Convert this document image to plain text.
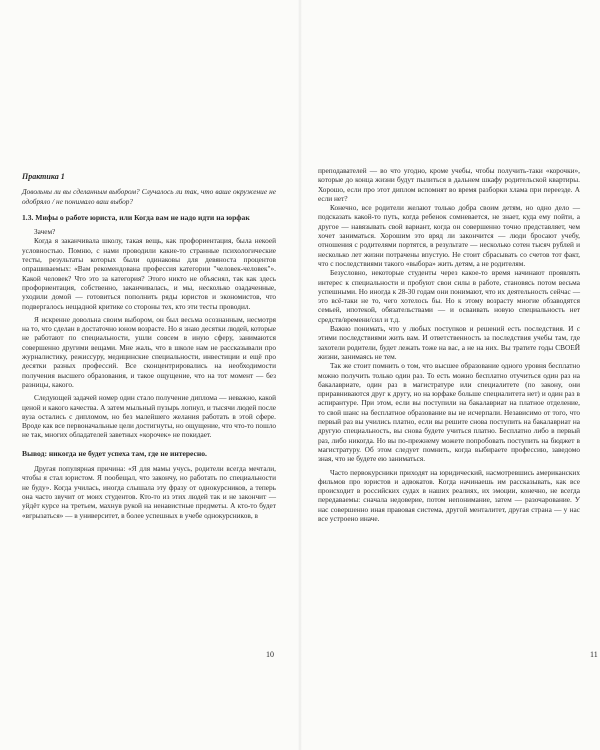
Практика 1

Довольны ли вы сделанным выбором? Случалось ли так, что ваше окружение не одобряло / не понимало ваш выбор?

1.3. Мифы о работе юриста, или Когда вам не надо идти на юрфак

Зачем?

Когда я заканчивала школу, такая вещь, как профориентация, была некоей условностью. Помню, с нами проводили какие-то странные психологические тесты, результаты которых были одинаковы для девяноста процентов опрашиваемых: «Вам рекомендована профессия категории "человек-человек"». Какой человек? Что это за категория? Этого никто не объяснял, так как здесь профориентация, собственно, заканчивалась, и мы, несколько озадаченные, уходили домой — готовиться пополнить ряды юристов и экономистов, что подвергалось нещадной критике со стороны тех, кто эти тесты проводил.

Я искренне довольна своим выбором, он был весьма осознанным, несмотря на то, что сделан в достаточно юном возрасте. Но я знаю десятки людей, которые не работают по специальности, ушли совсем в иную сферу, занимаются совершенно другими вещами. Мне жаль, что в школе нам не рассказывали про журналистику, режиссуру, медицинские специальности, инвестиции и ещё про десятки разных профессий. Все сконцентрировались на необходимости получения высшего образования, и такое ощущение, что на тот момент — без разницы, какого.

Следующей задачей номер один стало получение диплома — неважно, какой ценой и какого качества. А затем мыльный пузырь лопнул, и тысячи людей после вуза остались с дипломом, но без малейшего желания работать в этой сфере. Вроде как все первоначальные цели достигнуты, но ощущение, что что-то пошло не так, многих обладателей заветных «корочек» не покидает.

Вывод: никогда не будет успеха там, где не интересно.

Другая популярная причина: «Я для мамы учусь, родители всегда мечтали, чтобы я стал юристом. Я пообещал, что закончу, но работать по специальности не буду». Когда училась, иногда слышала эту фразу от однокурсников, а теперь она часто звучит от моих студентов. Кто-то из этих людей так и не закончит — уйдёт курсе на третьем, махнув рукой на ненавистные предметы. А кто-то будет «вгрызаться» — в университет, в более успешных в учебе однокурсников, в

10

преподавателей — во что угодно, кроме учебы, чтобы получить-таки «корочки», которые до конца жизни будут пылиться в дальнем шкафу родительской квартиры. Хорошо, если про этот диплом вспомнят во время разборки хлама при переезде. А если нет?

Конечно, все родители желают только добра своим детям, но одно дело — подсказать какой-то путь, когда ребенок сомневается, не знает, куда ему пойти, а другое — навязывать свой вариант, когда он совершенно точно представляет, чем хочет заниматься. Хорошим это вряд ли закончится — люди бросают учебу, отношения с родителями портятся, в результате — несколько сотен тысяч рублей и несколько лет жизни потрачены впустую. Не стоит сбрасывать со счетов тот факт, что с последствиями такого «выбора» жить детям, а не родителям.

Безусловно, некоторые студенты через какое-то время начинают проявлять интерес к специальности и пробуют свои силы в работе, становясь потом весьма успешными. Но иногда к 28-30 годам они понимают, что их деятельность сейчас — это всё-таки не то, чего хотелось бы. Но к этому возрасту многие обзаводятся семьей, ипотекой, обязательствами — и осваивать новую специальность нет средств/времени/сил и т.д.

Важно понимать, что у любых поступков и решений есть последствия. И с этими последствиями жить вам. И ответственность за последствия учебы там, где захотели родители, будет лежать тоже на вас, а не на них. Вы тратите годы СВОЕЙ жизни, занимаясь не тем.

Так же стоит помнить о том, что высшее образование одного уровня бесплатно можно получить только один раз. То есть можно бесплатно отучиться один раз на бакалавриате, один раз в магистратуре или специалитете (по закону, они приравниваются друг к другу, но на юрфаке больше специалитета нет) и один раз в аспирантуре. При этом, если вы поступили на бакалавриат на платное отделение, то свой шанс на бесплатное образование вы не исчерпали. Независимо от того, что первый раз вы учились платно, если вы решите снова поступить на бакалавриат на другую специальность, вы снова будете учиться платно. Бесплатно либо в первый раз, либо никогда. Но вы по-прежнему можете попробовать поступить на бюджет в магистратуру. Об этом следует помнить, когда выбираете профессию, заведомо зная, что не будете ею заниматься.

Часто первокурсники приходят на юридический, насмотревшись американских фильмов про юристов и адвокатов. Когда начинаешь им рассказывать, как все происходит в российских судах в наших реалиях, их эмоции, конечно, не всегда передаваемы: сначала недоверие, потом непонимание, затем — разочарование. У нас совершенно иная правовая система, другой менталитет, другая страна — у нас все устроено иначе.

11
